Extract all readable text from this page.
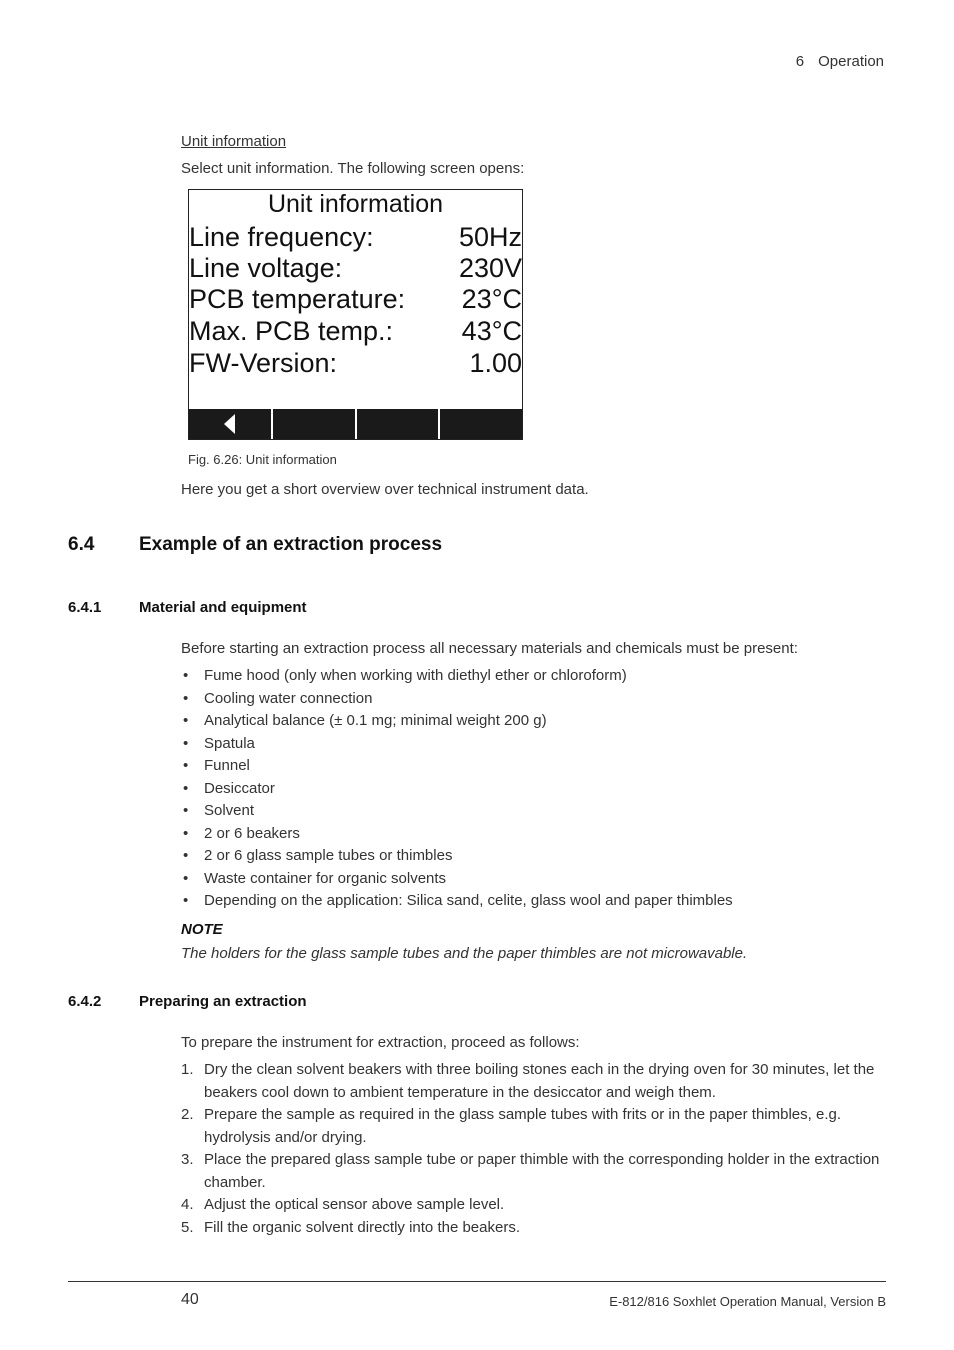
6 Operation
Unit information
Select unit information. The following screen opens:
Unit information
Line frequency:	50Hz
Line voltage:	230V
PCB temperature: 23°C
Max. PCB temp.:	43°C
FW-Version:	1.00
Fig. 6.26: Unit information
Here you get a short overview over technical instrument data.
6.4 Example of an extraction process
6.4.1	Material and equipment
Before starting an extraction process all necessary materials and chemicals must be present:
• Fume hood (only when working with diethyl ether or chloroform)
• Cooling water connection
• Analytical balance (± 0.1 mg; minimal weight 200 g)
• Spatula
• Funnel
• Desiccator
• Solvent
• 2 or 6 beakers
• 2 or 6 glass sample tubes or thimbles
• Waste container for organic solvents
• Depending on the application: Silica sand, celite, glass wool and paper thimbles
NOTE
The holders for the glass sample tubes and the paper thimbles are not microwavable.
6.4.2	Preparing an extraction
To prepare the instrument for extraction, proceed as follows:
1. Dry the clean solvent beakers with three boiling stones each in the drying oven for 30 minutes, let the beakers cool down to ambient temperature in the desiccator and weigh them.
2. Prepare the sample as required in the glass sample tubes with frits or in the paper thimbles, e.g. hydrolysis and/or drying.
3. Place the prepared glass sample tube or paper thimble with the corresponding holder in the extraction chamber.
4. Adjust the optical sensor above sample level.
5. Fill the organic solvent directly into the beakers.
40	E-812/816 Soxhlet Operation Manual, Version B
